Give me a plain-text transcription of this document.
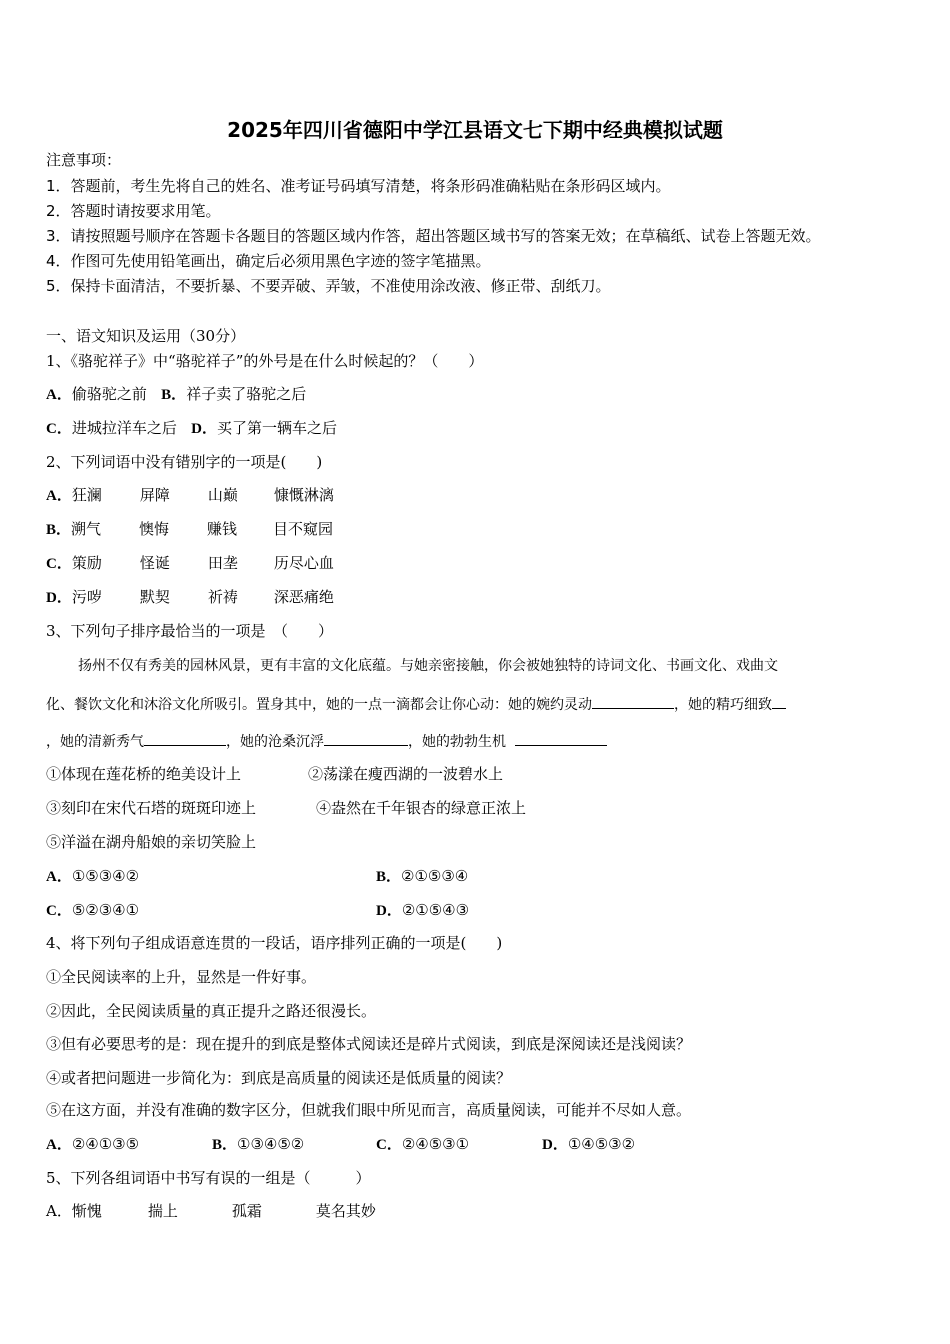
2025年四川省德阳中学江县语文七下期中经典模拟试题
注意事项：
1．答题前，考生先将自己的姓名、准考证号码填写清楚，将条形码准确粘贴在条形码区域内。
2．答题时请按要求用笔。
3．请按照题号顺序在答题卡各题目的答题区域内作答，超出答题区域书写的答案无效；在草稿纸、试卷上答题无效。
4．作图可先使用铅笔画出，确定后必须用黑色字迹的签字笔描黑。
5．保持卡面清洁，不要折暴、不要弄破、弄皱，不准使用涂改液、修正带、刮纸刀。
一、语文知识及运用（30分）
1、《骆驼祥子》中“骆驼祥子”的外号是在什么时候起的？（　　）
A．偷骆驼之前 B．祥子卖了骆驼之后
C．进城拉洋车之后 D．买了第一辆车之后
2、下列词语中没有错别字的一项是(　　)
A．狂澜	屏障	山巅 慷慨淋漓
B．溯气	懊悔	赚钱 目不窥园
C．策励	怪诞	田垄 历尽心血
D．污哕	默契	祈祷 深恶痛绝
3、下列句子排序最恰当的一项是　（　　）
扬州不仅有秀美的园林风景，更有丰富的文化底蕴。与她亲密接触，你会被她独特的诗词文化、书画文化、戏曲文
化、餐饮文化和沐浴文化所吸引。置身其中，她的一点一滴都会让你心动：她的婉约灵动	，她的精巧细致
，她的清新秀气	，她的沧桑沉浮	，她的勃勃生机
①体现在莲花桥的绝美设计上	②荡漾在瘦西湖的一波碧水上
③刻印在宋代石塔的斑斑印迹上	④盎然在千年银杏的绿意正浓上
⑤洋溢在湖舟船娘的亲切笑脸上
A．①⑤③④②	B．②①⑤③④
C．⑤②③④①	D．②①⑤④③
4、将下列句子组成语意连贯的一段话，语序排列正确的一项是(　　)
①全民阅读率的上升，显然是一件好事。
②因此，全民阅读质量的真正提升之路还很漫长。
③但有必要思考的是：现在提升的到底是整体式阅读还是碎片式阅读，到底是深阅读还是浅阅读？
④或者把问题进一步简化为：到底是高质量的阅读还是低质量的阅读？
⑤在这方面，并没有准确的数字区分，但就我们眼中所见而言，高质量阅读，可能并不尽如人意。
A．②④①③⑤	B．①③④⑤②	C．②④⑤③①	D．①④⑤③②
5、下列各组词语中书写有误的一组是（　　　）
A．惭愧	揣上	孤霜	莫名其妙
